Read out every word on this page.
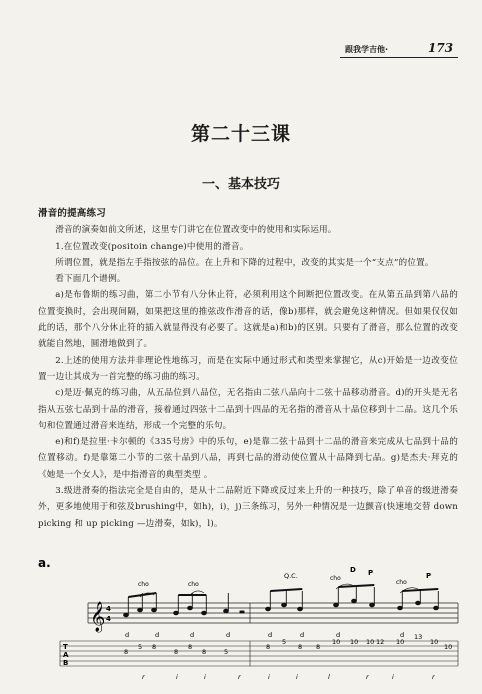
跟我学吉他·	173
第二十三课
一、基本技巧

滑音的提高练习

滑音的演奏如前文所述，这里专门讲它在位置改变中的使用和实际运用。

1.在位置改变(positoin change)中使用的滑音。

所谓位置，就是指左手指按弦的品位。在上升和下降的过程中，改变的其实是一个“支点”的位置。

看下面几个谱例。

a)是布鲁斯的练习曲，第二小节有八分休止符，必须利用这个间断把位置改变。在从第五品到第八品的位置变换时，会出现间隔，如果把这里的推弦改作滑音的话，像b)那样，就会避免这种情况。但如果仅仅如此的话，那个八分休止符的插入就显得没有必要了。这就是a)和b)的区别。只要有了滑音，那么位置的改变就能自然地，圆滑地做到了。

2.上述的使用方法并非理论性地练习，而是在实际中通过形式和类型来掌握它，从c)开始是一边改变位置一边让其成为一首完整的练习曲的练习。

c)是迈·佩克的练习曲，从五品位到八品位，无名指由二弦八品向十二弦十品移动滑音。d)的开头是无名指从五弦七品到十品的滑音，接着通过四弦十二品到十四品的无名指的滑音从十品位移到十二品。这几个乐句和位置通过滑音来连结，形成一个完整的乐句。

e)和f)是拉里·卡尔顿的《335号房》中的乐句，e)是靠二弦十品到十二品的滑音来完成从七品到十品的位置移动。f)是靠第二小节的二弦十品到八品，再到七品的滑动使位置从十品降到七品。g)是杰夫·拜克的《她是一个女人》，是中指滑音的典型类型 。

3.级进滑奏的指法完全是自由的，是从十二品附近下降或反过来上升的一种技巧，除了单音的级进滑奏外，更多地使用于和弦及brushing中，如h)，i)，j)三条练习，另外一种情况是一边颤音(快速地交替 down picking 和 up picking —边滑奏，如k)，l)。

a.
𝄞 4
4
cho	cho
Q.C.	cho
D P
cho
P
d	d	d	d	d	d	d	d
T
A
B
8
5 8
8
8
8	5
8
5
8 8
10 10 10 12 10
13
10
10
r	i	i	r	i	i	l	r	i	r
